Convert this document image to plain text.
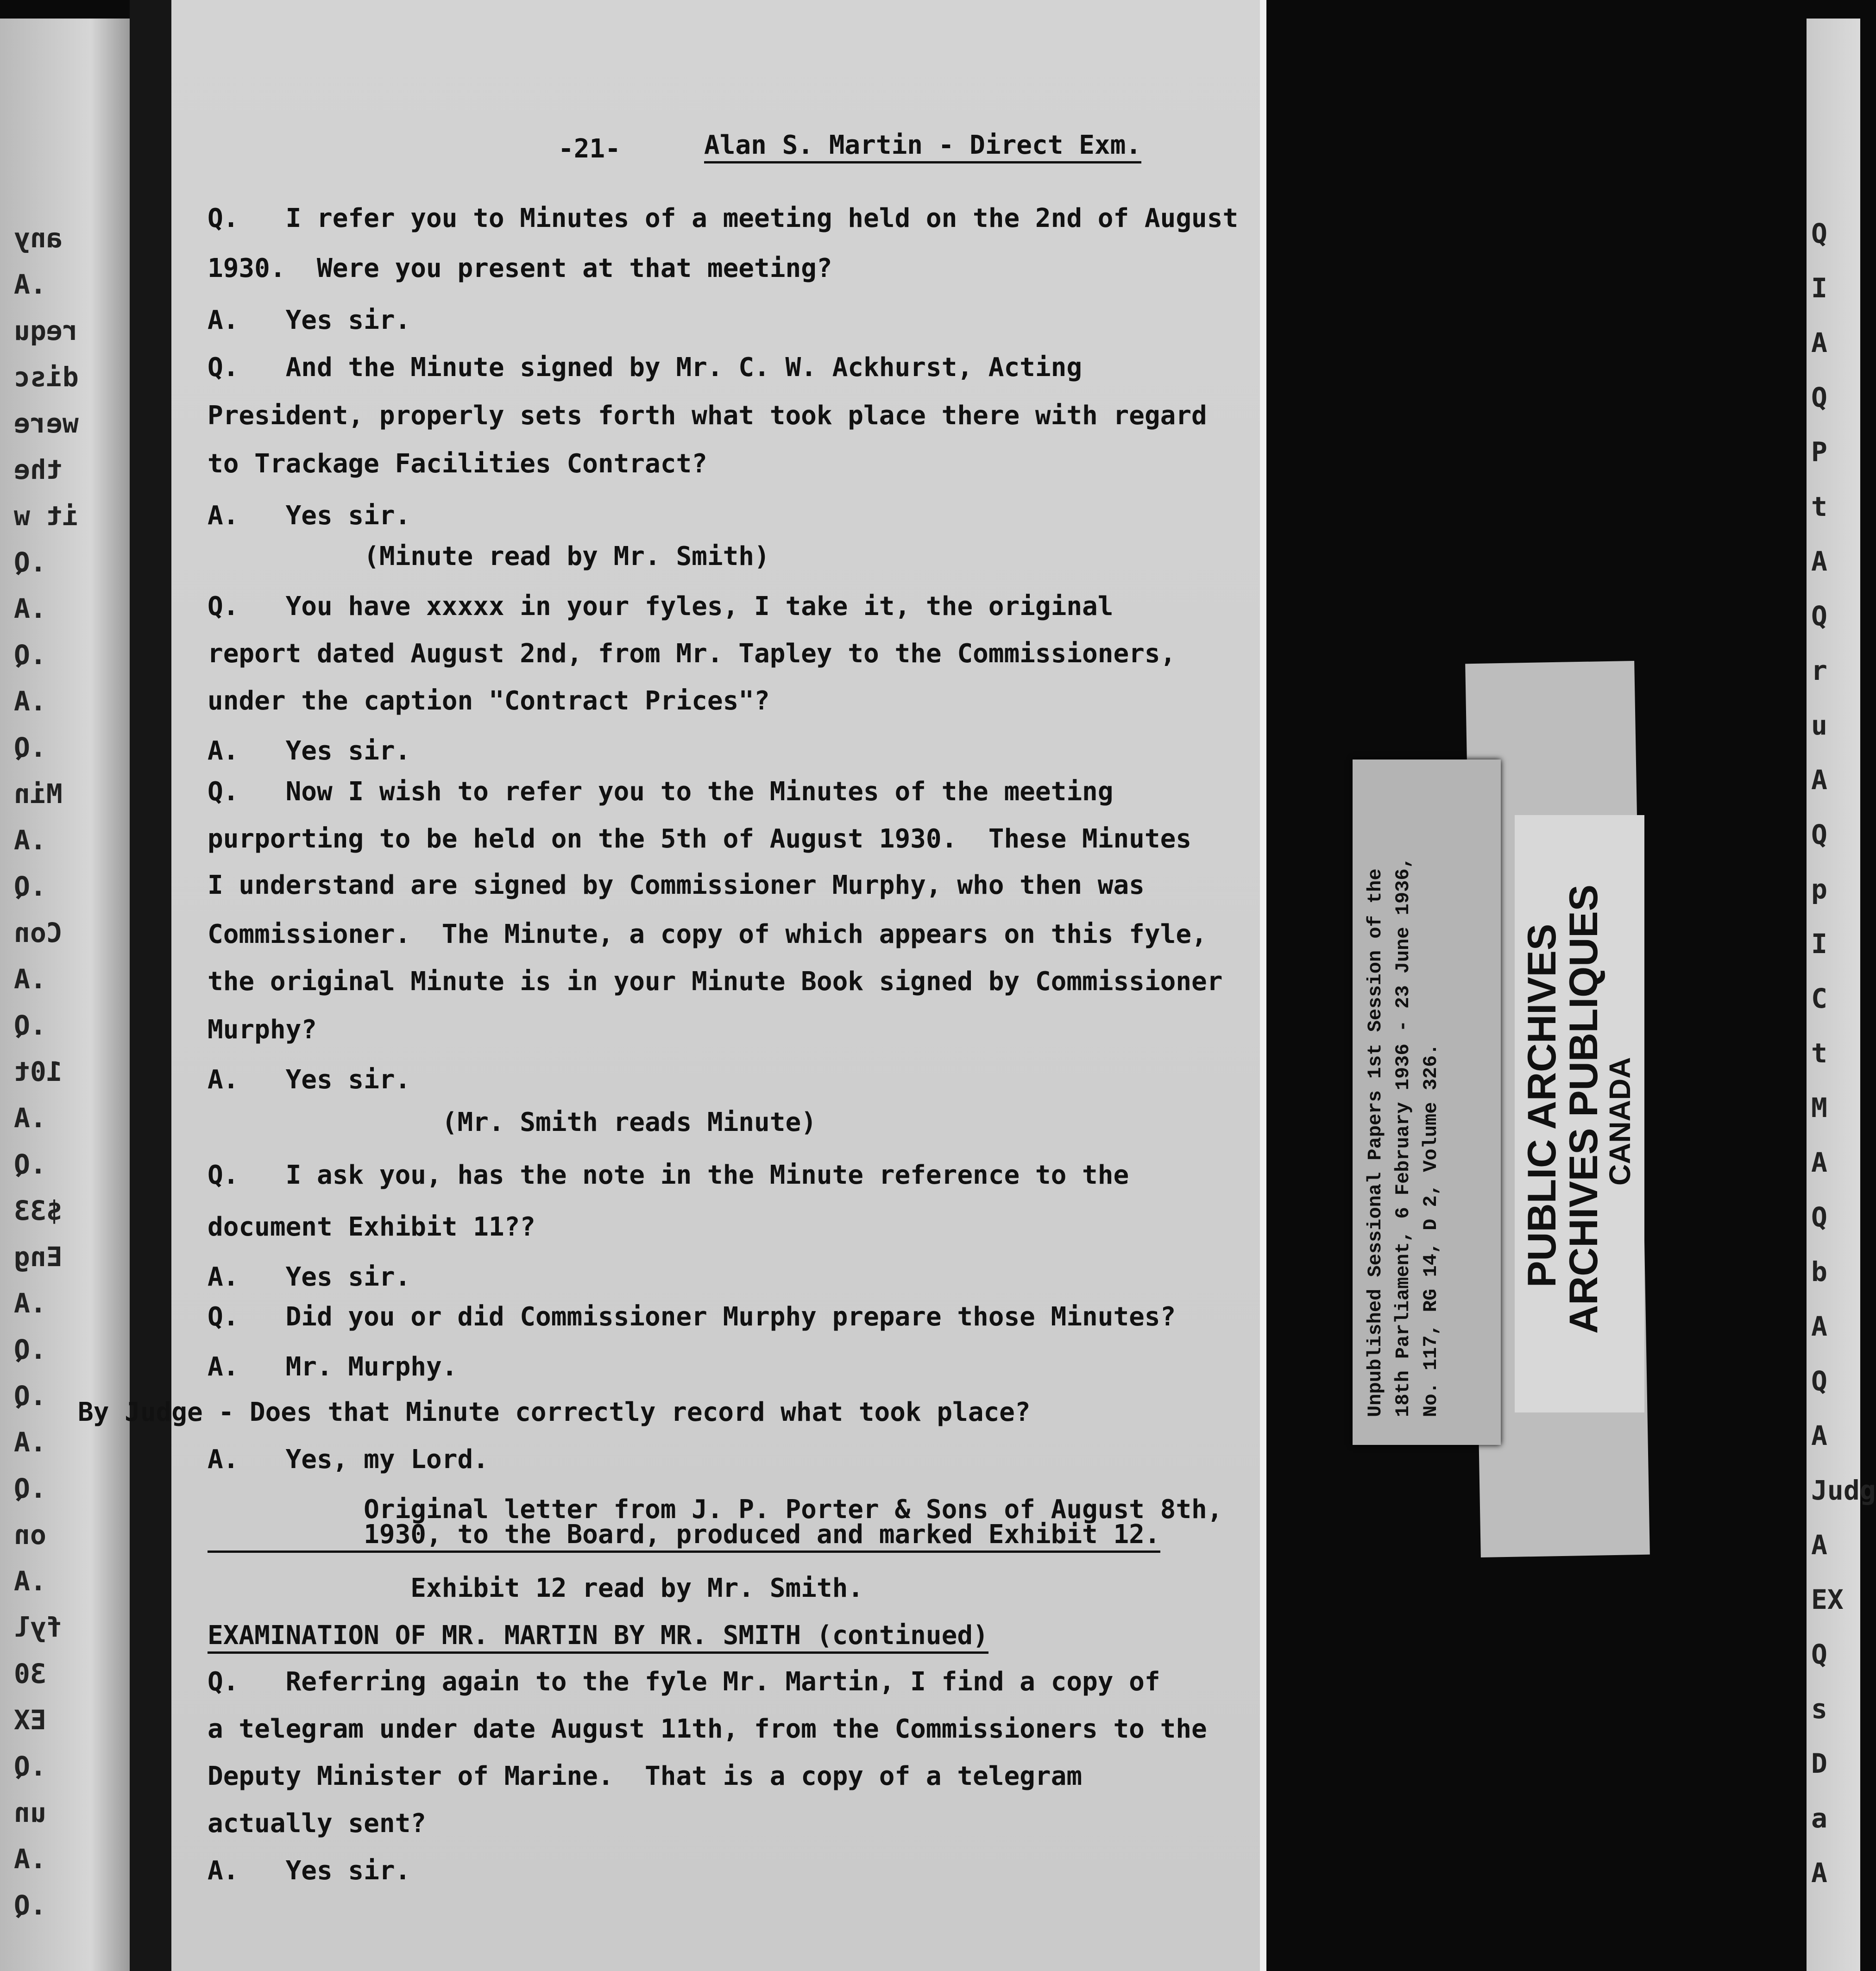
any
.A
requ
disc
were
the
it w
.Q
.A
.Q
.A
.Q
Min
.A
.Q
Con
.A
.Q
10t
.A
.Q
$33
Eng
.A
.Q
.Q
.A
.Q
on
.A
fyl
30
EX
.Q
un
.A
.Q
-21-	Alan S. Martin - Direct Exm.
Q.   I refer you to Minutes of a meeting held on the 2nd of August
1930.  Were you present at that meeting?
A.   Yes sir.
Q.   And the Minute signed by Mr. C. W. Ackhurst, Acting
President, properly sets forth what took place there with regard
to Trackage Facilities Contract?
A.   Yes sir.
(Minute read by Mr. Smith)
Q.   You have xxxxx in your fyles, I take it, the original
report dated August 2nd, from Mr. Tapley to the Commissioners,
under the caption "Contract Prices"?
A.   Yes sir.
Q.   Now I wish to refer you to the Minutes of the meeting
purporting to be held on the 5th of August 1930.  These Minutes
I understand are signed by Commissioner Murphy, who then was
Commissioner.  The Minute, a copy of which appears on this fyle,
the original Minute is in your Minute Book signed by Commissioner
Murphy?
A.   Yes sir.
(Mr. Smith reads Minute)
Q.   I ask you, has the note in the Minute reference to the
document Exhibit 11??
A.   Yes sir.
Q.   Did you or did Commissioner Murphy prepare those Minutes?
A.   Mr. Murphy.
By Judge - Does that Minute correctly record what took place?
A.   Yes, my Lord.
Original letter from J. P. Porter & Sons of August 8th,
1930, to the Board, produced and marked Exhibit 12.
Exhibit 12 read by Mr. Smith.
EXAMINATION OF MR. MARTIN BY MR. SMITH (continued)
Q.   Referring again to the fyle Mr. Martin, I find a copy of
a telegram under date August 11th, from the Commissioners to the
Deputy Minister of Marine.  That is a copy of a telegram
actually sent?
A.   Yes sir.
Q
I
A
Q
P
t
A
Q
r
u
A
Q
p
I
C
t
M
A
Q
b
A
Q
A
Judg
A
EX
Q
s
D
a
A
Unpublished Sessional Papers 1st Session of the 18th Parliament, 6 February 1936 - 23 June 1936, No. 117, RG 14, D 2, Volume 326. PUBLIC ARCHIVES
ARCHIVES PUBLIQUES
CANADA
